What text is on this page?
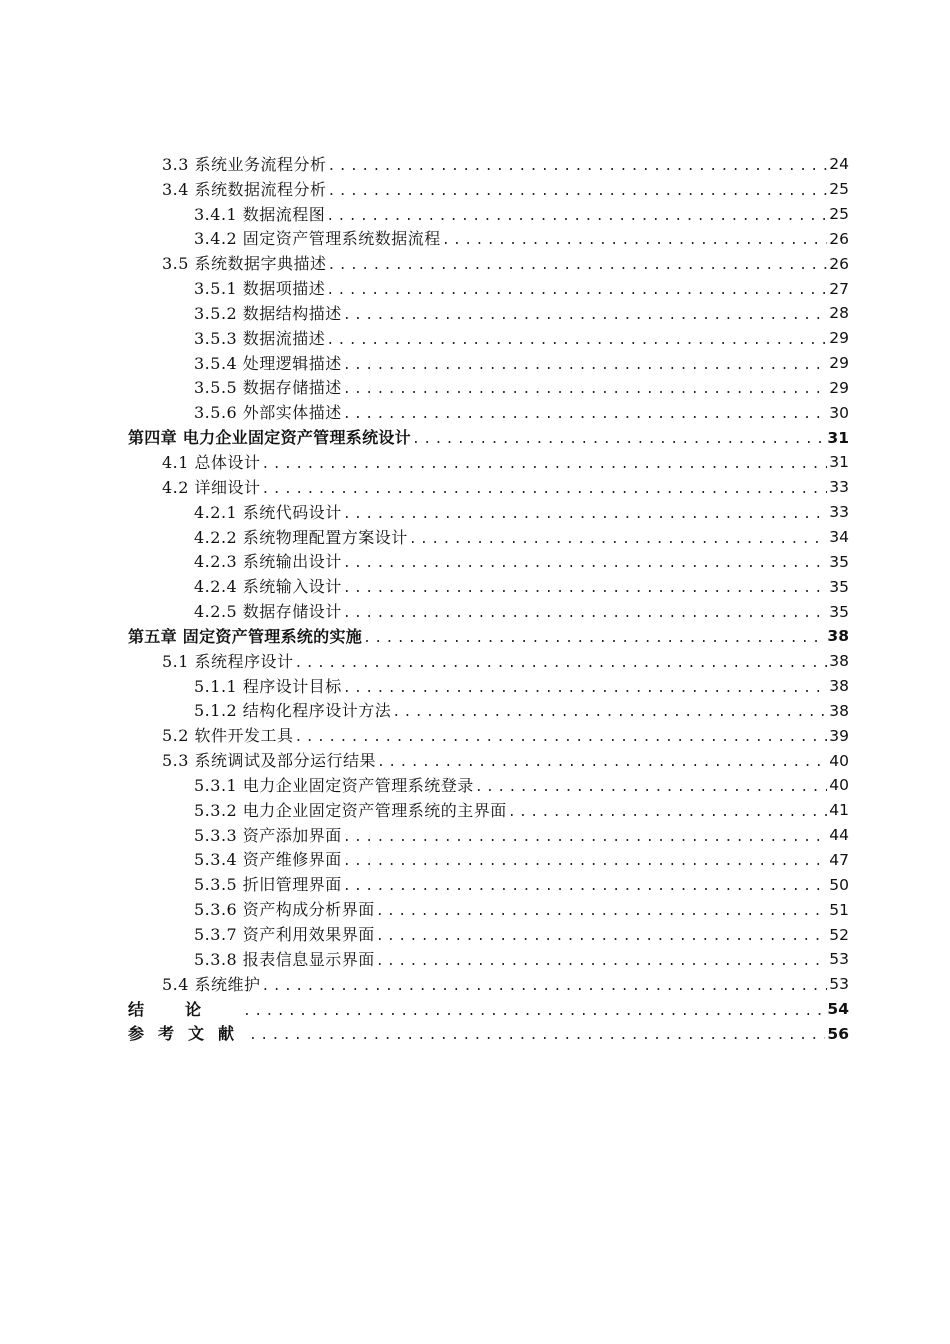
3.3 系统业务流程分析 .....	24
3.4 系统数据流程分析 .....	25
3.4.1 数据流程图 .....	25
3.4.2 固定资产管理系统数据流程 .....	26
3.5 系统数据字典描述 .....	26
3.5.1 数据项描述 .....	27
3.5.2 数据结构描述 .....	28
3.5.3 数据流描述 .....	29
3.5.4 处理逻辑描述 .....	29
3.5.5 数据存储描述 .....	29
3.5.6 外部实体描述 .....	30
第四章 电力企业固定资产管理系统设计 .....	31
4.1 总体设计 .....	31
4.2 详细设计 .....	33
4.2.1 系统代码设计 .....	33
4.2.2 系统物理配置方案设计 .....	34
4.2.3 系统输出设计 .....	35
4.2.4 系统输入设计 .....	35
4.2.5 数据存储设计 .....	35
第五章 固定资产管理系统的实施 .....	38
5.1 系统程序设计 .....	38
5.1.1 程序设计目标 .....	38
5.1.2 结构化程序设计方法 .....	38
5.2 软件开发工具 .....	39
5.3 系统调试及部分运行结果 .....	40
5.3.1 电力企业固定资产管理系统登录 .....	40
5.3.2 电力企业固定资产管理系统的主界面 .....	41
5.3.3 资产添加界面 .....	44
5.3.4 资产维修界面 .....	47
5.3.5 折旧管理界面 .....	50
5.3.6 资产构成分析界面 .....	51
5.3.7 资产利用效果界面 .....	52
5.3.8 报表信息显示界面 .....	53
5.4 系统维护 .....	53
结论 .....	54
参考文献 .....	56
